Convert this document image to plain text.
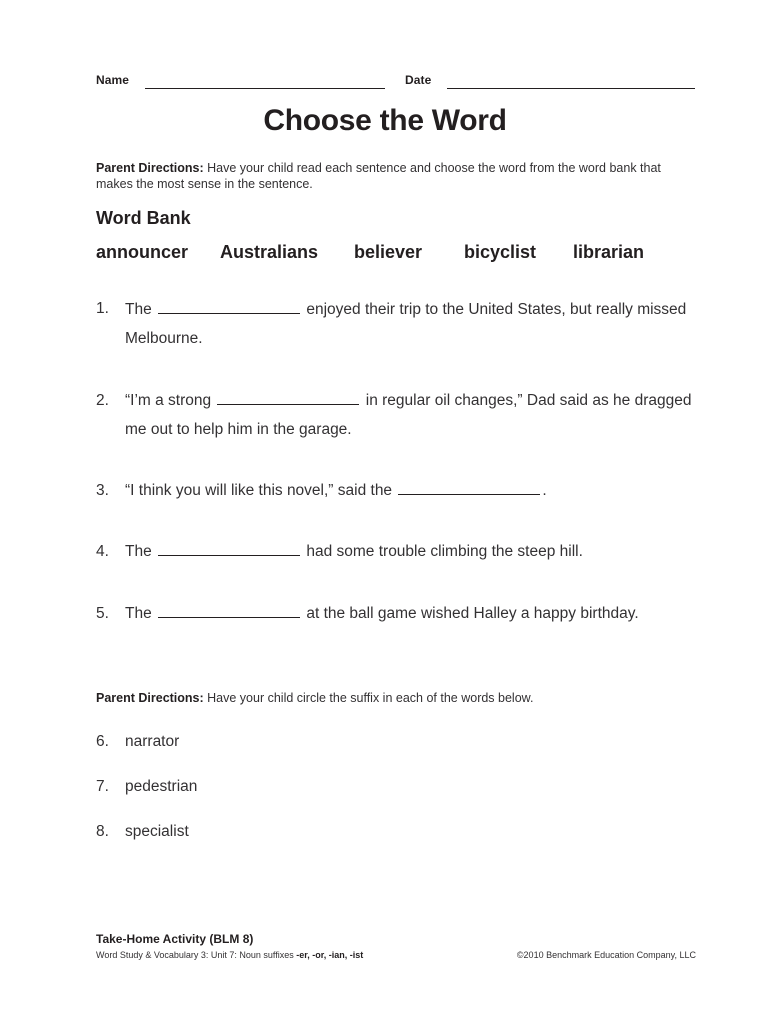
Name	Date
Choose the Word
Parent Directions: Have your child read each sentence and choose the word from the word bank that makes the most sense in the sentence.
Word Bank
announcer Australians believer bicyclist librarian
1. The	enjoyed their trip to the United States, but really missed Melbourne.
2. “I’m a strong	in regular oil changes,” Dad said as he dragged me out to help him in the garage.
3. “I think you will like this novel,” said the	.
4. The	had some trouble climbing the steep hill.
5. The	at the ball game wished Halley a happy birthday.
Parent Directions: Have your child circle the suffix in each of the words below.
6. narrator
7. pedestrian
8. specialist
Take-Home Activity (BLM 8)
Word Study & Vocabulary 3: Unit 7: Noun suffixes -er, -or, -ian, -ist	©2010 Benchmark Education Company, LLC
